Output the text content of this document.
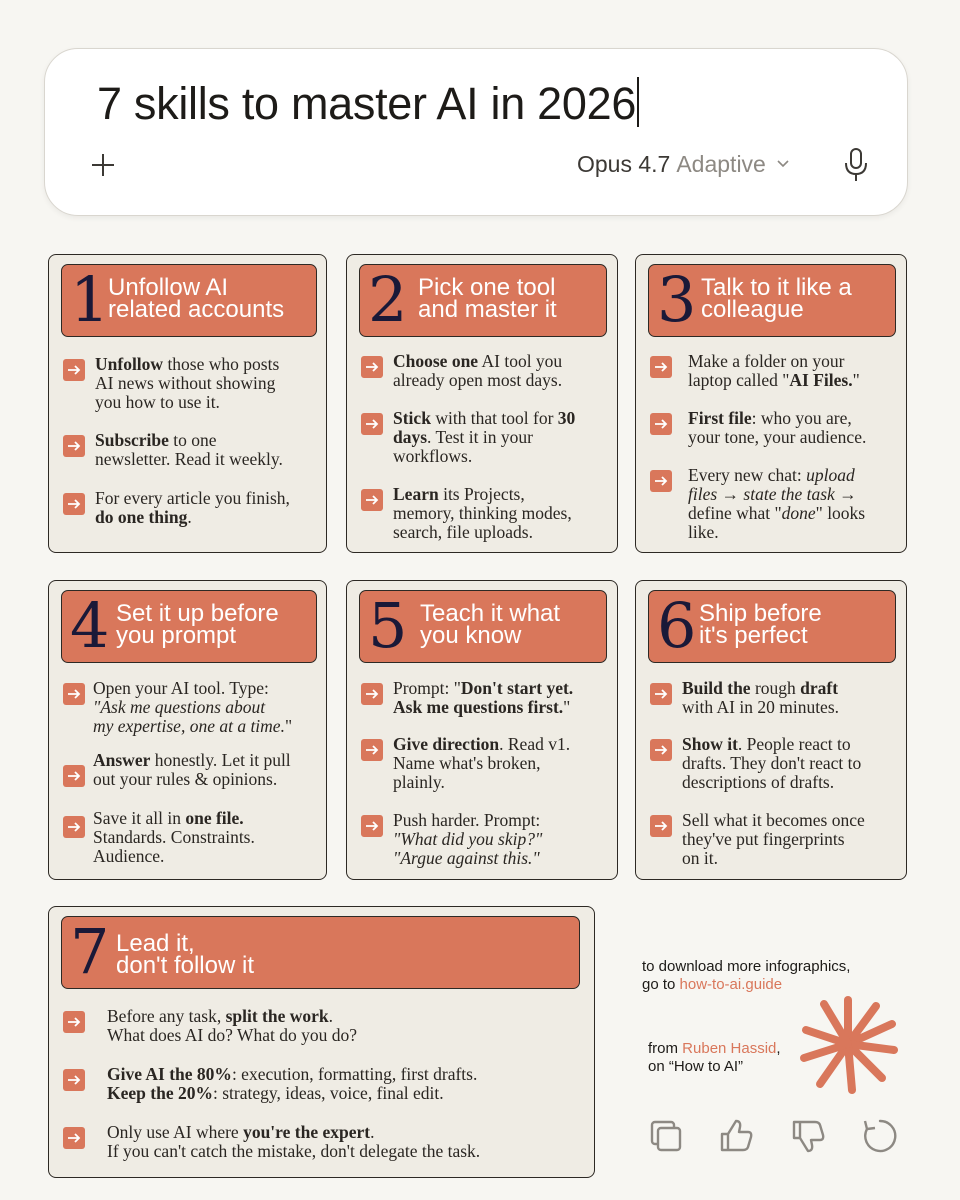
7 skills to master AI in 2026
Opus 4.7 Adaptive
1
Unfollow AI
related accounts
Unfollow those who posts
AI news without showing
you how to use it.
Subscribe to one
newsletter. Read it weekly.
For every article you finish,
do one thing.
2 Pick one tool
and master it
Choose one AI tool you
already open most days.
Stick with that tool for 30
days. Test it in your
workflows.
Learn its Projects,
memory, thinking modes,
search, file uploads.
3 Talk to it like a
colleague
Make a folder on your
laptop called "AI Files."
First file: who you are,
your tone, your audience.
Every new chat: upload
files → state the task →
define what "done" looks
like.
4 Set it up before
you prompt
Open your AI tool. Type:
"Ask me questions about
my expertise, one at a time."
Answer honestly. Let it pull
out your rules & opinions.
Save it all in one file.
Standards. Constraints.
Audience.
5 Teach it what
you know
Prompt: "Don't start yet.
Ask me questions first."
Give direction. Read v1.
Name what's broken,
plainly.
Push harder. Prompt:
"What did you skip?"
"Argue against this."
6 Ship before
it's perfect
Build the rough draft
with AI in 20 minutes.
Show it. People react to
drafts. They don't react to
descriptions of drafts.
Sell what it becomes once
they've put fingerprints
on it.
7 Lead it,
don't follow it
Before any task, split the work.
What does AI do? What do you do?
Give AI the 80%: execution, formatting, first drafts.
Keep the 20%: strategy, ideas, voice, final edit.
Only use AI where you're the expert.
If you can't catch the mistake, don't delegate the task.
to download more infographics,
go to how-to-ai.guide
from Ruben Hassid,
on “How to AI”
